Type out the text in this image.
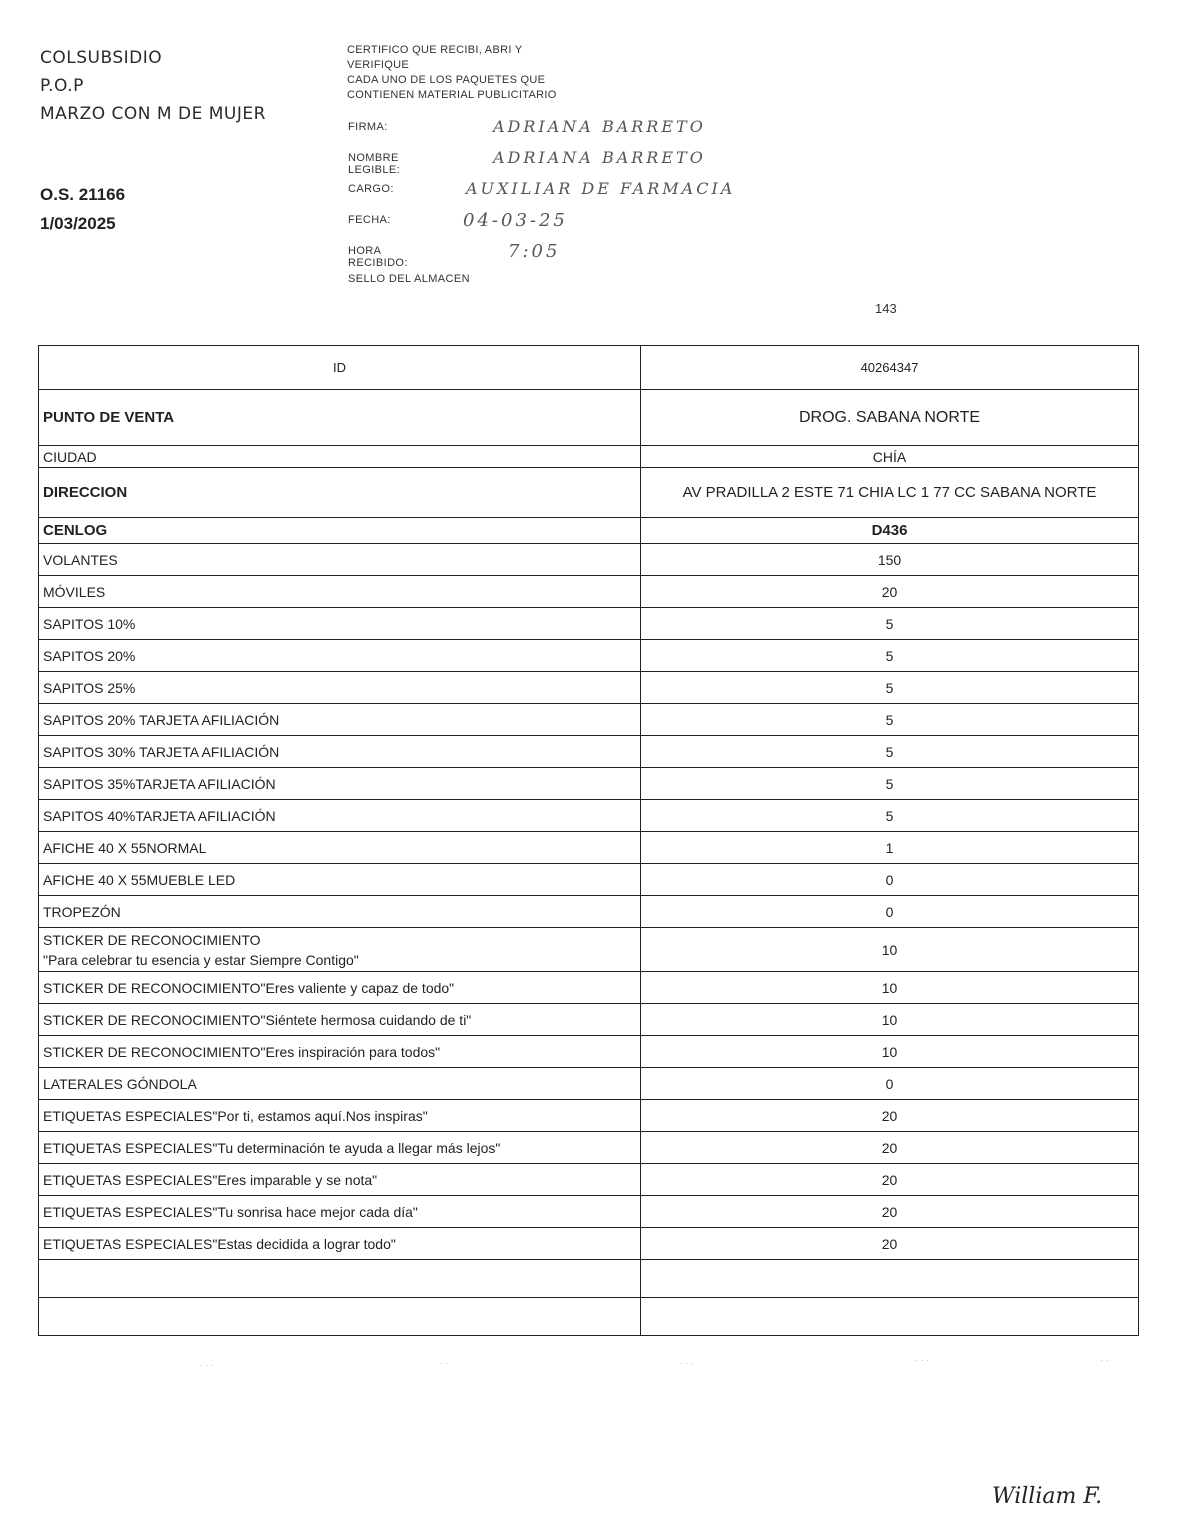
COLSUBSIDIO
P.O.P
MARZO CON M DE MUJER
O.S. 21166
1/03/2025
CERTIFICO QUE RECIBI, ABRI Y
VERIFIQUE
CADA UNO DE LOS PAQUETES QUE
CONTIENEN MATERIAL PUBLICITARIO
FIRMA:	ADRIANA BARRETO
NOMBRE LEGIBLE:
ADRIANA BARRETO
CARGO:	AUXILIAR DE FARMACIA
FECHA:	04-03-25
HORA RECIBIDO:
7:05
SELLO DEL ALMACEN
143
ID	40264347
PUNTO DE VENTA	DROG. SABANA NORTE
CIUDAD	CHÍA
DIRECCION	AV PRADILLA 2 ESTE 71 CHIA LC 1 77 CC SABANA NORTE
CENLOG	D436
VOLANTES	150
MÓVILES	20
SAPITOS 10%	5
SAPITOS 20%	5
SAPITOS 25%	5
SAPITOS 20% TARJETA AFILIACIÓN	5
SAPITOS 30% TARJETA AFILIACIÓN	5
SAPITOS 35%TARJETA AFILIACIÓN	5
SAPITOS 40%TARJETA AFILIACIÓN	5
AFICHE 40 X 55NORMAL	1
AFICHE 40 X 55MUEBLE LED	0
TROPEZÓN	0

STICKER DE RECONOCIMIENTO
"Para celebrar tu esencia y estar Siempre Contigo"	10
STICKER DE RECONOCIMIENTO"Eres valiente y capaz de todo"	10
STICKER DE RECONOCIMIENTO"Siéntete hermosa cuidando de ti"	10
STICKER DE RECONOCIMIENTO"Eres inspiración para todos"	10
LATERALES GÓNDOLA	0
ETIQUETAS ESPECIALES"Por ti, estamos aquí.Nos inspiras"	20
ETIQUETAS ESPECIALES"Tu determinación te ayuda a llegar más lejos"	20
ETIQUETAS ESPECIALES"Eres imparable y se nota"	20
ETIQUETAS ESPECIALES"Tu sonrisa hace mejor cada día"	20
ETIQUETAS ESPECIALES"Estas decidida a lograr todo"	20

· · ·	· ·	· · ·	· · ·	· ·
William F.
